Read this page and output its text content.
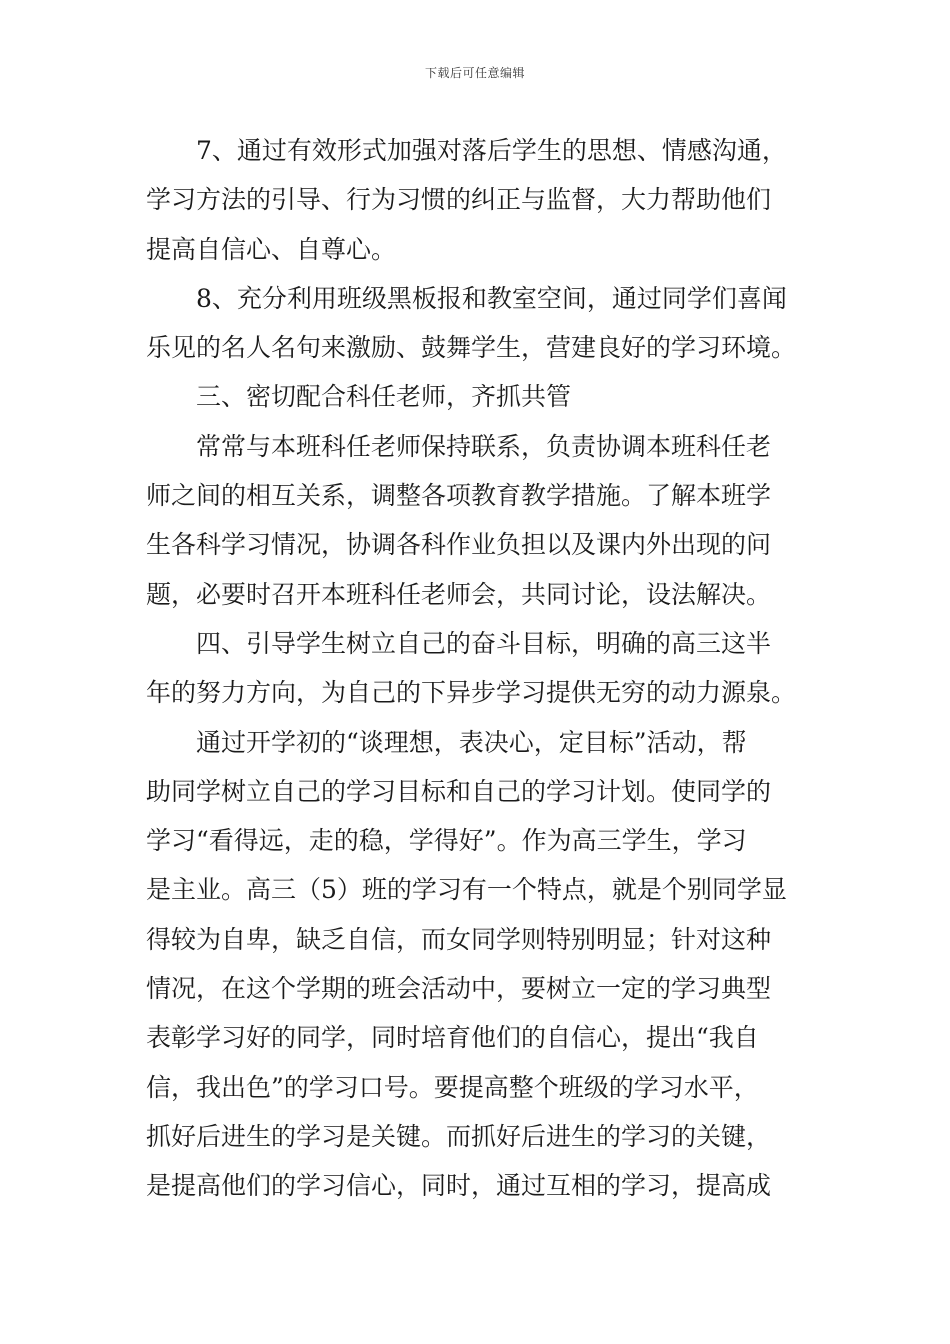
下载后可任意编辑
7、通过有效形式加强对落后学生的思想、情感沟通，
学习方法的引导、行为习惯的纠正与监督，大力帮助他们
提高自信心、自尊心。
8、充分利用班级黑板报和教室空间，通过同学们喜闻
乐见的名人名句来激励、鼓舞学生，营建良好的学习环境。
三、密切配合科任老师，齐抓共管
常常与本班科任老师保持联系，负责协调本班科任老
师之间的相互关系，调整各项教育教学措施。了解本班学
生各科学习情况，协调各科作业负担以及课内外出现的问
题，必要时召开本班科任老师会，共同讨论，设法解决。
四、引导学生树立自己的奋斗目标，明确的高三这半
年的努力方向，为自己的下异步学习提供无穷的动力源泉。
通过开学初的“谈理想，表决心，定目标”活动，帮
助同学树立自己的学习目标和自己的学习计划。使同学的
学习“看得远，走的稳，学得好”。作为高三学生，学习
是主业。高三（5）班的学习有一个特点，就是个别同学显
得较为自卑，缺乏自信，而女同学则特别明显；针对这种
情况，在这个学期的班会活动中，要树立一定的学习典型
表彰学习好的同学，同时培育他们的自信心，提出“我自
信，我出色”的学习口号。要提高整个班级的学习水平，
抓好后进生的学习是关键。而抓好后进生的学习的关键，
是提高他们的学习信心，同时，通过互相的学习，提高成
